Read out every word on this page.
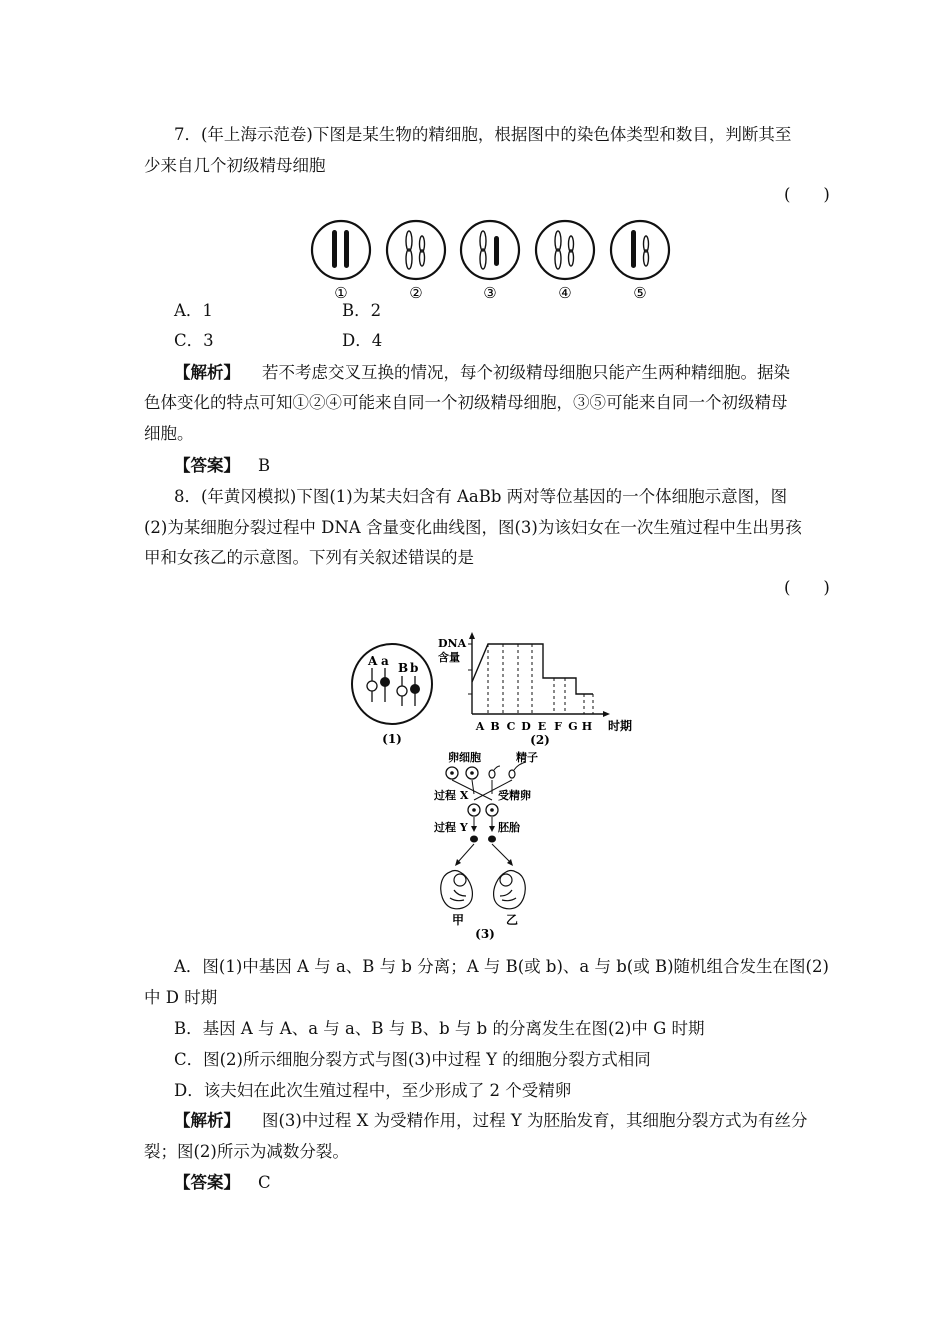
7．(年上海示范卷)下图是某生物的精细胞，根据图中的染色体类型和数目，判断其至
少来自几个初级精母细胞
(　　)
①	②	③	④	⑤
A．1	B．2
C．3	D．4
【解析】 若不考虑交叉互换的情况，每个初级精母细胞只能产生两种精细胞。据染
色体变化的特点可知①②④可能来自同一个初级精母细胞，③⑤可能来自同一个初级精母
细胞。
【答案】 B
8．(年黄冈模拟)下图(1)为某夫妇含有 AaBb 两对等位基因的一个体细胞示意图，图
(2)为某细胞分裂过程中 DNA 含量变化曲线图，图(3)为该妇女在一次生殖过程中生出男孩
甲和女孩乙的示意图。下列有关叙述错误的是
(　　)
A a B b
(1)
DNA
含量
A B C D E F G H 时期
(2)
卵细胞	精子
过程 X	受精卵
过程 Y	胚胎
甲	乙
(3)
A．图(1)中基因 A 与 a、B 与 b 分离；A 与 B(或 b)、a 与 b(或 B)随机组合发生在图(2)
中 D 时期
B．基因 A 与 A、a 与 a、B 与 B、b 与 b 的分离发生在图(2)中 G 时期
C．图(2)所示细胞分裂方式与图(3)中过程 Y 的细胞分裂方式相同
D．该夫妇在此次生殖过程中，至少形成了 2 个受精卵
【解析】 图(3)中过程 X 为受精作用，过程 Y 为胚胎发育，其细胞分裂方式为有丝分
裂；图(2)所示为减数分裂。
【答案】 C
